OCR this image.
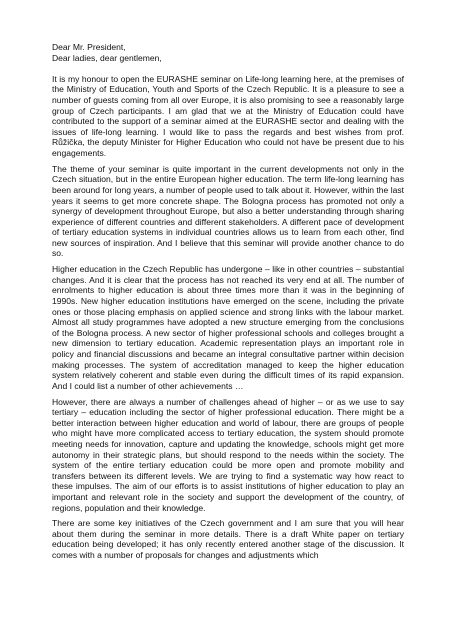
Dear Mr. President,

Dear ladies, dear gentlemen,

It is my honour to open the EURASHE seminar on Life-long learning here, at the premises of the Ministry of Education, Youth and Sports of the Czech Republic. It is a pleasure to see a number of guests coming from all over Europe, it is also promising to see a reasonably large group of Czech participants. I am glad that we at the Ministry of Education could have contributed to the support of a seminar aimed at the EURASHE sector and dealing with the issues of life-long learning. I would like to pass the regards and best wishes from prof. Růžička, the deputy Minister for Higher Education who could not have be present due to his engagements.

The theme of your seminar is quite important in the current developments not only in the Czech situation, but in the entire European higher education. The term life-long learning has been around for long years, a number of people used to talk about it. However, within the last years it seems to get more concrete shape. The Bologna process has promoted not only a synergy of development throughout Europe, but also a better understanding through sharing experience of different countries and different stakeholders. A different pace of development of tertiary education systems in individual countries allows us to learn from each other, find new sources of inspiration. And I believe that this seminar will provide another chance to do so.

Higher education in the Czech Republic has undergone – like in other countries – substantial changes. And it is clear that the process has not reached its very end at all. The number of enrolments to higher education is about three times more than it was in the beginning of 1990s. New higher education institutions have emerged on the scene, including the private ones or those placing emphasis on applied science and strong links with the labour market. Almost all study programmes have adopted a new structure emerging from the conclusions of the Bologna process. A new sector of higher professional schools and colleges brought a new dimension to tertiary education. Academic representation plays an important role in policy and financial discussions and became an integral consultative partner within decision making processes. The system of accreditation managed to keep the higher education system relatively coherent and stable even during the difficult times of its rapid expansion. And I could list a number of other achievements …

However, there are always a number of challenges ahead of higher – or as we use to say tertiary – education including the sector of higher professional education. There might be a better interaction between higher education and world of labour, there are groups of people who might have more complicated access to tertiary education, the system should promote meeting needs for innovation, capture and updating the knowledge, schools might get more autonomy in their strategic plans, but should respond to the needs within the society. The system of the entire tertiary education could be more open and promote mobility and transfers between its different levels. We are trying to find a systematic way how react to these impulses. The aim of our efforts is to assist institutions of higher education to play an important and relevant role in the society and support the development of the country, of regions, population and their knowledge.

There are some key initiatives of the Czech government and I am sure that you will hear about them during the seminar in more details. There is a draft White paper on tertiary education being developed; it has only recently entered another stage of the discussion. It comes with a number of proposals for changes and adjustments which
